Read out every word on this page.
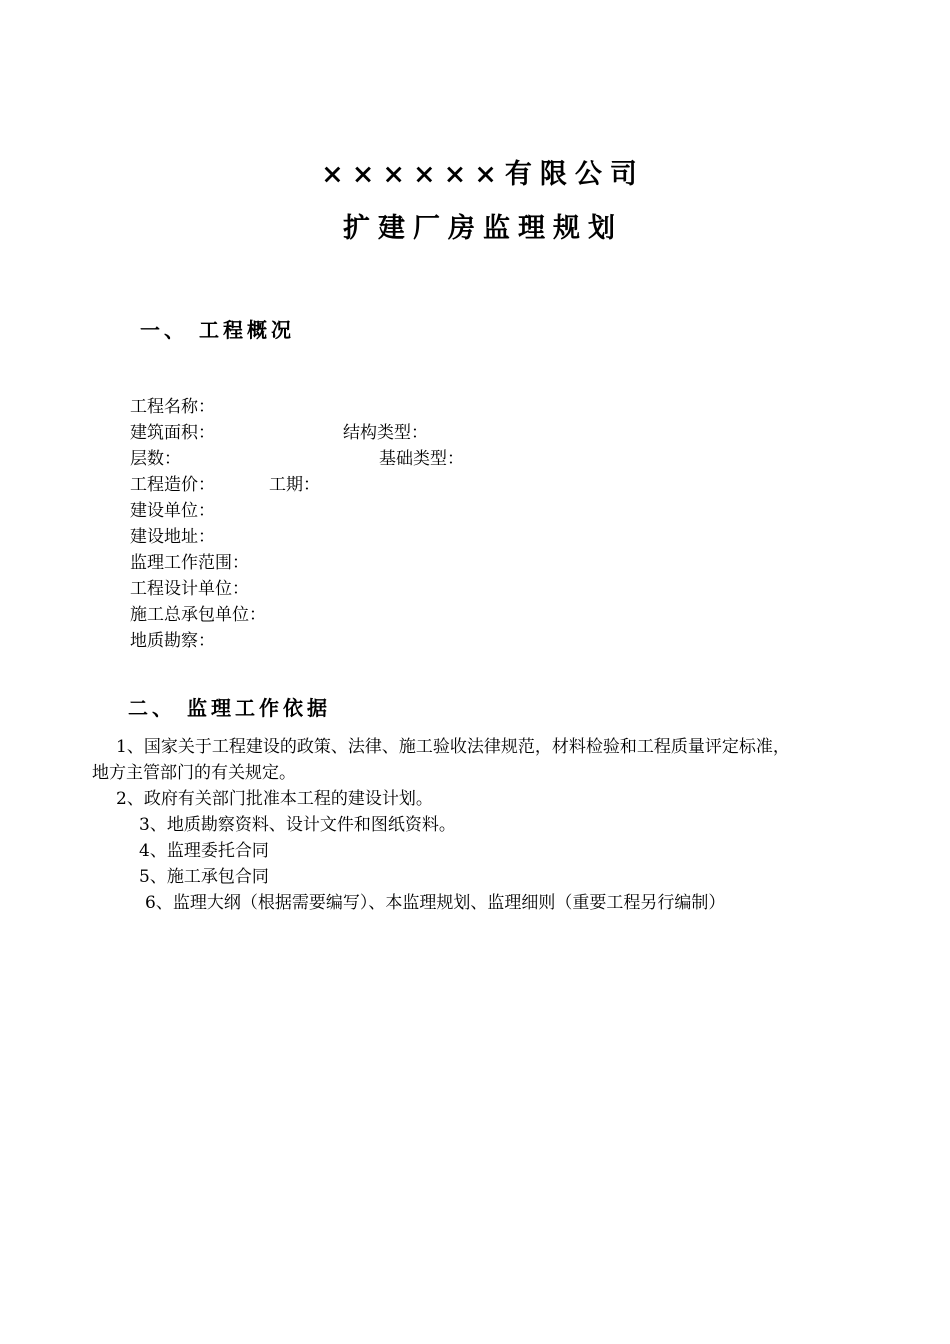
××××××有限公司
扩建厂房监理规划
一、 工程概况
工程名称：
建筑面积：	结构类型：
层数：	基础类型：
工程造价：	工期：
建设单位：
建设地址：
监理工作范围：
工程设计单位：
施工总承包单位：
地质勘察：
二、 监理工作依据
1、国家关于工程建设的政策、法律、施工验收法律规范，材料检验和工程质量评定标准，
地方主管部门的有关规定。
2、政府有关部门批准本工程的建设计划。
3、地质勘察资料、设计文件和图纸资料。
4、监理委托合同
5、施工承包合同
6、监理大纲（根据需要编写）、本监理规划、监理细则（重要工程另行编制）
